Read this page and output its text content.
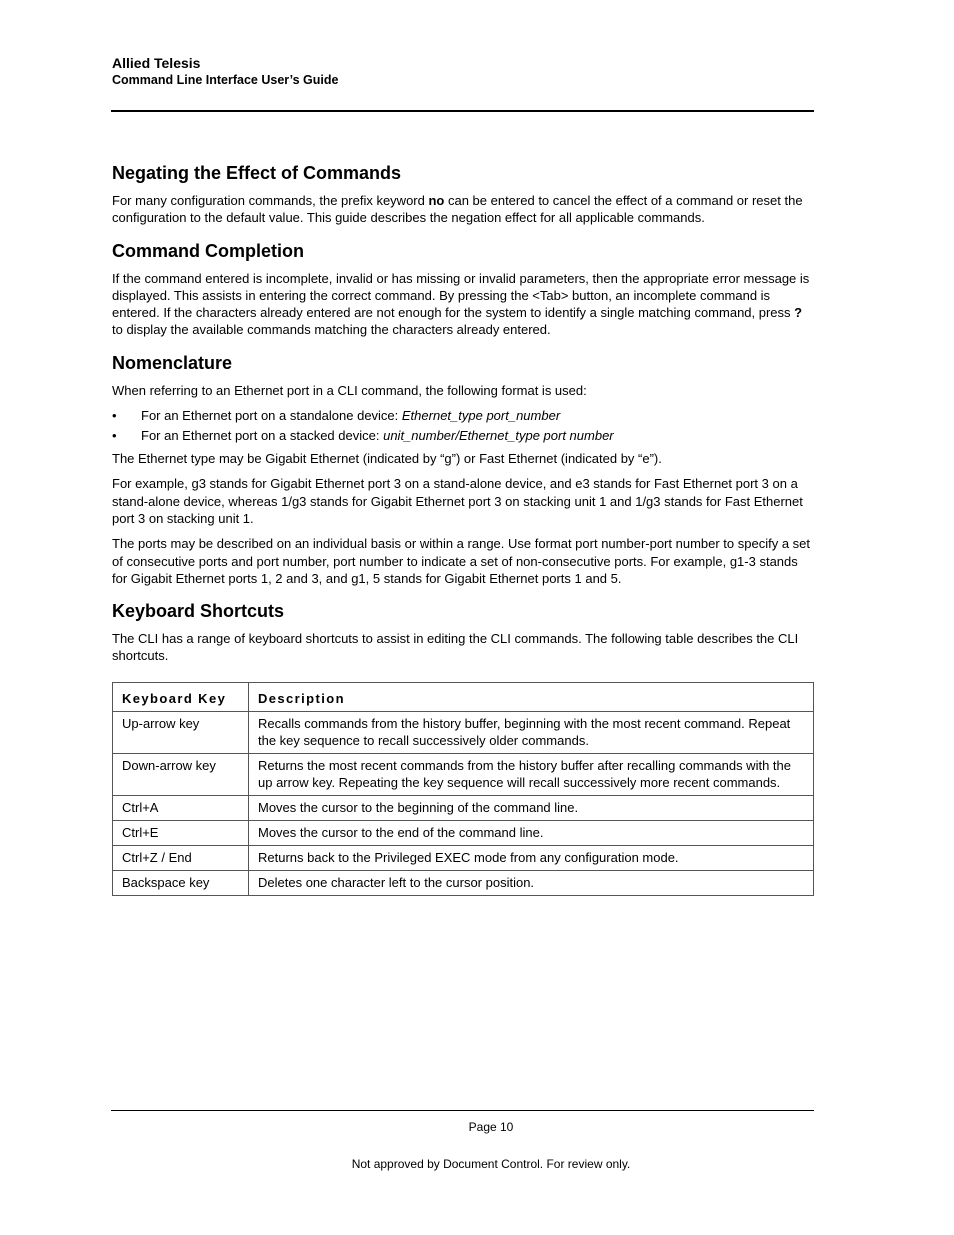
Allied Telesis
Command Line Interface User’s Guide
Negating the Effect of Commands

For many configuration commands, the prefix keyword no can be entered to cancel the effect of a command or reset the configuration to the default value. This guide describes the negation effect for all applicable commands.

Command Completion

If the command entered is incomplete, invalid or has missing or invalid parameters, then the appropriate error message is displayed. This assists in entering the correct command. By pressing the <Tab> button, an incomplete command is entered. If the characters already entered are not enough for the system to identify a single matching command, press ? to display the available commands matching the characters already entered.

Nomenclature

When referring to an Ethernet port in a CLI command, the following format is used:

• For an Ethernet port on a standalone device: Ethernet_type port_number
• For an Ethernet port on a stacked device: unit_number/Ethernet_type port number

The Ethernet type may be Gigabit Ethernet (indicated by “g”) or Fast Ethernet (indicated by “e”).

For example, g3 stands for Gigabit Ethernet port 3 on a stand-alone device, and e3 stands for Fast Ethernet port 3 on a stand-alone device, whereas 1/g3 stands for Gigabit Ethernet port 3 on stacking unit 1 and 1/g3 stands for Fast Ethernet port 3 on stacking unit 1.

The ports may be described on an individual basis or within a range. Use format port number-port number to specify a set of consecutive ports and port number, port number to indicate a set of non-consecutive ports. For example, g1-3 stands for Gigabit Ethernet ports 1, 2 and 3, and g1, 5 stands for Gigabit Ethernet ports 1 and 5.

Keyboard Shortcuts

The CLI has a range of keyboard shortcuts to assist in editing the CLI commands. The following table describes the CLI shortcuts.

Keyboard Key	Description
Up-arrow key	Recalls commands from the history buffer, beginning with the most recent command. Repeat the key sequence to recall successively older commands.
Down-arrow key	Returns the most recent commands from the history buffer after recalling commands with the up arrow key. Repeating the key sequence will recall successively more recent commands.
Ctrl+A	Moves the cursor to the beginning of the command line.
Ctrl+E	Moves the cursor to the end of the command line.
Ctrl+Z / End	Returns back to the Privileged EXEC mode from any configuration mode.
Backspace key	Deletes one character left to the cursor position.
Page 10
Not approved by Document Control. For review only.
